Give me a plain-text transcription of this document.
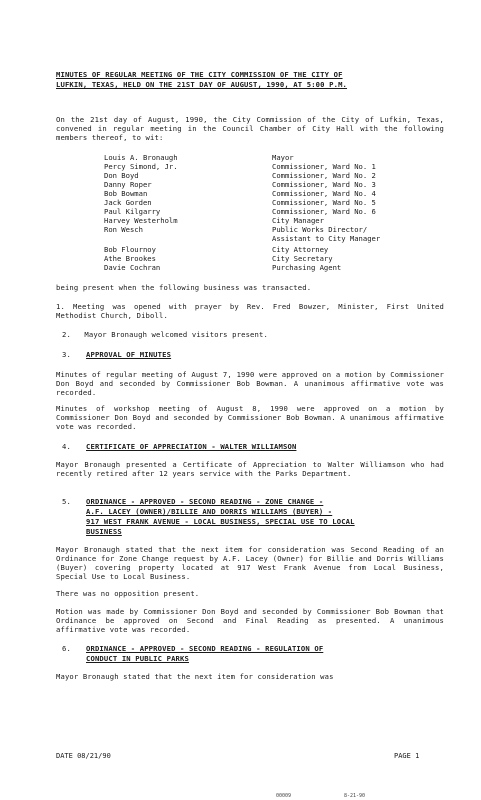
MINUTES OF REGULAR MEETING OF THE CITY COMMISSION OF THE CITY OF
LUFKIN, TEXAS, HELD ON THE 21ST DAY OF AUGUST, 1990, AT 5:00 P.M.
On the 21st day of August, 1990, the City Commission of the City of Lufkin, Texas, convened in regular meeting in the Council Chamber of City Hall with the following members thereof, to wit:
Louis A. Bronaugh	Mayor
Percy Simond, Jr.	Commissioner, Ward No. 1
Don Boyd	Commissioner, Ward No. 2
Danny Roper	Commissioner, Ward No. 3
Bob Bowman	Commissioner, Ward No. 4
Jack Gorden	Commissioner, Ward No. 5
Paul Kilgarry	Commissioner, Ward No. 6
Harvey Westerholm	City Manager
Ron Wesch	Public Works Director/
Assistant to City Manager
Bob Flournoy	City Attorney
Athe Brookes	City Secretary
Davie Cochran	Purchasing Agent
being present when the following business was transacted.
1. Meeting was opened with prayer by Rev. Fred Bowzer, Minister, First United Methodist Church, Diboll.
2.   Mayor Bronaugh welcomed visitors present.
3. APPROVAL OF MINUTES
Minutes of regular meeting of August 7, 1990 were approved on a motion by Commissioner Don Boyd and seconded by Commissioner Bob Bowman. A unanimous affirmative vote was recorded.
Minutes of workshop meeting of August 8, 1990 were approved on a motion by Commissioner Don Boyd and seconded by Commissioner Bob Bowman. A unanimous affirmative vote was recorded.
4. CERTIFICATE OF APPRECIATION - WALTER WILLIAMSON
Mayor Bronaugh presented a Certificate of Appreciation to Walter Williamson who had recently retired after 12 years service with the Parks Department.
5. ORDINANCE - APPROVED - SECOND READING - ZONE CHANGE -
A.F. LACEY (OWNER)/BILLIE AND DORRIS WILLIAMS (BUYER) -
917 WEST FRANK AVENUE - LOCAL BUSINESS, SPECIAL USE TO LOCAL
BUSINESS
Mayor Bronaugh stated that the next item for consideration was Second Reading of an Ordinance for Zone Change request by A.F. Lacey (Owner) for Billie and Dorris Williams (Buyer) covering property located at 917 West Frank Avenue from Local Business, Special Use to Local Business.
There was no opposition present.
Motion was made by Commissioner Don Boyd and seconded by Commissioner Bob Bowman that Ordinance be approved on Second and Final Reading as presented. A unanimous affirmative vote was recorded.
6. ORDINANCE - APPROVED - SECOND READING - REGULATION OF
CONDUCT IN PUBLIC PARKS
Mayor Bronaugh stated that the next item for consideration was
DATE 08/21/90	PAGE 1
00009	8-21-90
